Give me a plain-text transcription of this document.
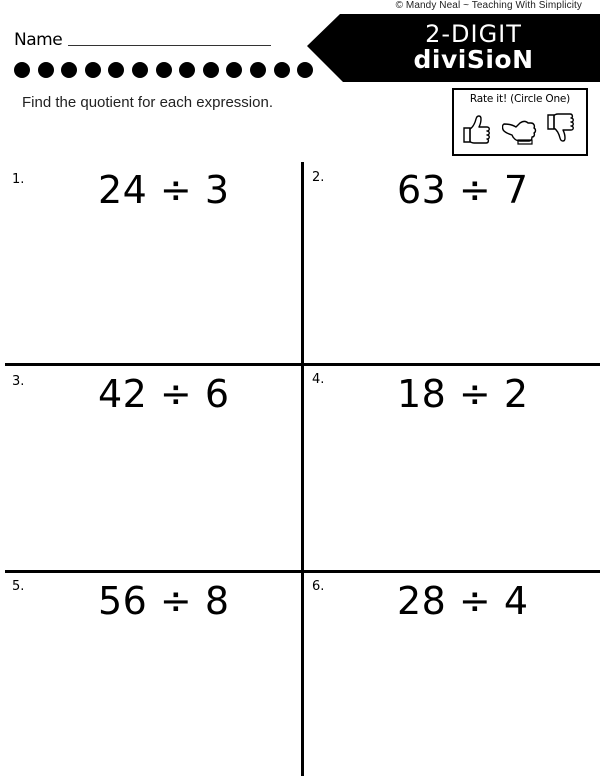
© Mandy Neal ~ Teaching With Simplicity
Name	2-DIGIT
diviSioN
Find the quotient for each expression.	Rate it! (Circle One)
1. 24 ÷ 3	2. 63 ÷ 7
3. 42 ÷ 6	4. 18 ÷ 2
5. 56 ÷ 8	6. 28 ÷ 4
